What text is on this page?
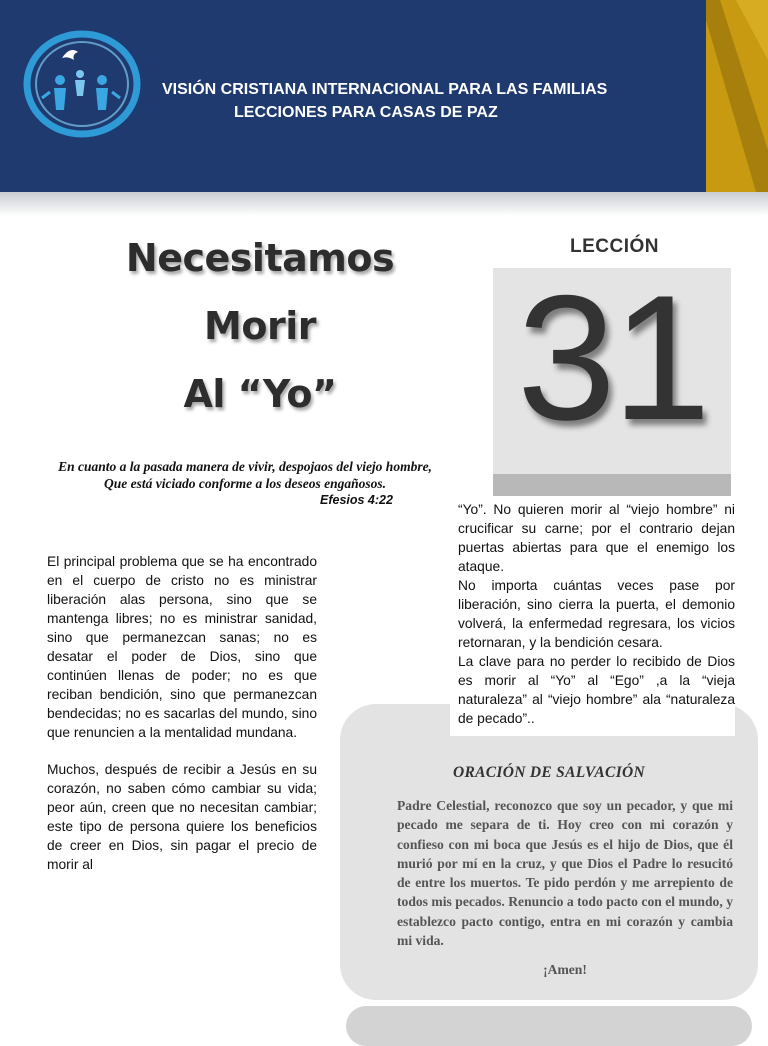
VISIÓN CRISTIANA INTERNACIONAL PARA LAS FAMILIAS
LECCIONES PARA CASAS DE PAZ
Necesitamos
Morir
Al “Yo”
LECCIÓN
31
En cuanto a la pasada manera de vivir, despojaos del viejo hombre,
Que está viciado conforme a los deseos engañosos.
Efesios 4:22

El principal problema que se ha encontrado en el cuerpo de cristo no es ministrar liberación alas persona, sino que se mantenga libres; no es ministrar sanidad, sino que permanezcan sanas; no es desatar el poder de Dios, sino que continúen llenas de poder; no es que reciban bendición, sino que permanezcan bendecidas; no es sacarlas del mundo, sino que renuncien a la mentalidad mundana.

Muchos, después de recibir a Jesús en su corazón, no saben cómo cambiar su vida; peor aún, creen que no necesitan cambiar; este tipo de persona quiere los beneficios de creer en Dios, sin pagar el precio de morir al

“Yo”. No quieren morir al “viejo hombre” ni crucificar su carne; por el contrario dejan puertas abiertas para que el enemigo los ataque.

No importa cuántas veces pase por liberación, sino cierra la puerta, el demonio volverá, la enfermedad regresara, los vicios retornaran, y la bendición cesara.

La clave para no perder lo recibido de Dios es morir al “Yo” al “Ego” ,a la “vieja naturaleza” al “viejo hombre” ala “naturaleza de pecado”..

ORACIÓN DE SALVACIÓN
Padre Celestial, reconozco que soy un pecador, y que mi pecado me separa de ti. Hoy creo con mi corazón y confieso con mi boca que Jesús es el hijo de Dios, que él murió por mí en la cruz, y que Dios el Padre lo resucitó de entre los muertos. Te pido perdón y me arrepiento de todos mis pecados. Renuncio a todo pacto con el mundo, y establezco pacto contigo, entra en mi corazón y cambia mi vida.
¡Amen!
